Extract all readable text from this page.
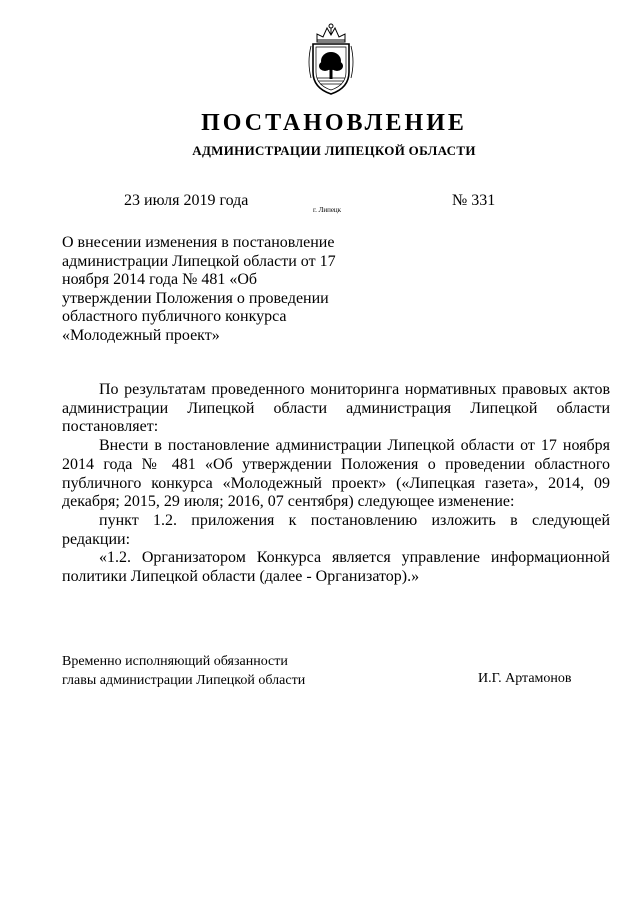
ПОСТАНОВЛЕНИЕ
АДМИНИСТРАЦИИ ЛИПЕЦКОЙ ОБЛАСТИ
23 июля 2019 года
г. Липецк
№ 331
О внесении изменения в постановление
администрации Липецкой области от 17
ноября 2014 года № 481 «Об
утверждении Положения о проведении
областного публичного конкурса
«Молодежный проект»

По результатам проведенного мониторинга нормативных правовых актов администрации Липецкой области администрация Липецкой области постановляет:

Внести в постановление администрации Липецкой области от 17 ноября 2014 года № 481 «Об утверждении Положения о проведении областного публичного конкурса «Молодежный проект» («Липецкая газета», 2014, 09 декабря; 2015, 29 июля; 2016, 07 сентября) следующее изменение:

пункт 1.2. приложения к постановлению изложить в следующей редакции:

«1.2. Организатором Конкурса является управление информационной политики Липецкой области (далее - Организатор).»

Временно исполняющий обязанности
главы администрации Липецкой области	И.Г. Артамонов
